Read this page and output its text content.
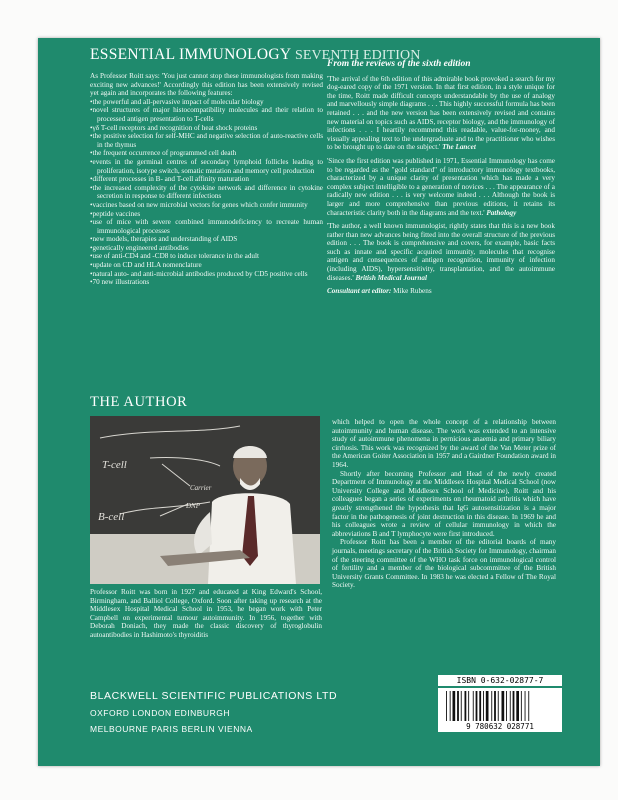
ESSENTIAL IMMUNOLOGY SEVENTH EDITION
As Professor Roitt says: 'You just cannot stop these immunologists from making exciting new advances!' Accordingly this edition has been extensively revised yet again and incorporates the following features:
• the powerful and all-pervasive impact of molecular biology
• novel structures of major histocompatibility molecules and their relation to processed antigen presentation to T-cells
• γδ T-cell receptors and recognition of heat shock proteins
• the positive selection for self-MHC and negative selection of auto-reactive cells in the thymus
• the frequent occurrence of programmed cell death
• events in the germinal centres of secondary lymphoid follicles leading to proliferation, isotype switch, somatic mutation and memory cell production
• different processes in B- and T-cell affinity maturation
• the increased complexity of the cytokine network and difference in cytokine secretion in response to different infections
• vaccines based on new microbial vectors for genes which confer immunity
• peptide vaccines
• use of mice with severe combined immunodeficiency to recreate human immunological processes
• new models, therapies and understanding of AIDS
• genetically engineered antibodies
• use of anti-CD4 and -CD8 to induce tolerance in the adult
• update on CD and HLA nomenclature
• natural auto- and anti-microbial antibodies produced by CD5 positive cells
• 70 new illustrations
From the reviews of the sixth edition
'The arrival of the 6th edition of this admirable book provoked a search for my dog-eared copy of the 1971 version. In that first edition, in a style unique for the time, Roitt made difficult concepts understandable by the use of analogy and marvellously simple diagrams . . . This highly successful formula has been retained . . . and the new version has been extensively revised and contains new material on topics such as AIDS, receptor biology, and the immunology of infections . . . I heartily recommend this readable, value-for-money, and visually appealing text to the undergraduate and to the practitioner who wishes to be brought up to date on the subject.' The Lancet
'Since the first edition was published in 1971, Essential Immunology has come to be regarded as the "gold standard" of introductory immunology textbooks, characterized by a unique clarity of presentation which has made a very complex subject intelligible to a generation of novices . . . The appearance of a radically new edition . . . is very welcome indeed . . . Although the book is larger and more comprehensive than previous editions, it retains its characteristic clarity both in the diagrams and the text.' Pathology
'The author, a well known immunologist, rightly states that this is a new book rather than new advances being fitted into the overall structure of the previous edition . . . The book is comprehensive and covers, for example, basic facts such as innate and specific acquired immunity, molecules that recognise antigen and consequences of antigen recognition, immunity of infection (including AIDS), hypersensitivity, transplantation, and the autoimmune diseases.' British Medical Journal
Consultant art editor: Mike Rubens
THE AUTHOR
T-cell
B-cell
Carrier
DNP
Professor Roitt was born in 1927 and educated at King Edward's School, Birmingham, and Balliol College, Oxford. Soon after taking up research at the Middlesex Hospital Medical School in 1953, he began work with Peter Campbell on experimental tumour autoimmunity. In 1956, together with Deborah Doniach, they made the classic discovery of thyroglobulin autoantibodies in Hashimoto's thyroiditis
which helped to open the whole concept of a relationship between autoimmunity and human disease. The work was extended to an intensive study of autoimmune phenomena in pernicious anaemia and primary biliary cirrhosis. This work was recognized by the award of the Van Meter prize of the American Goiter Association in 1957 and a Gairdner Foundation award in 1964.
Shortly after becoming Professor and Head of the newly created Department of Immunology at the Middlesex Hospital Medical School (now University College and Middlesex School of Medicine), Roitt and his colleagues began a series of experiments on rheumatoid arthritis which have greatly strengthened the hypothesis that IgG autosensitization is a major factor in the pathogenesis of joint destruction in this disease. In 1969 he and his colleagues wrote a review of cellular immunology in which the abbreviations B and T lymphocyte were first introduced.
Professor Roitt has been a member of the editorial boards of many journals, meetings secretary of the British Society for Immunology, chairman of the steering committee of the WHO task force on immunological control of fertility and a member of the biological subcommittee of the British University Grants Committee. In 1983 he was elected a Fellow of The Royal Society.
ISBN 0-632-02877-7
9 780632 028771
BLACKWELL SCIENTIFIC PUBLICATIONS LTD
OXFORD LONDON EDINBURGH
MELBOURNE PARIS BERLIN VIENNA
